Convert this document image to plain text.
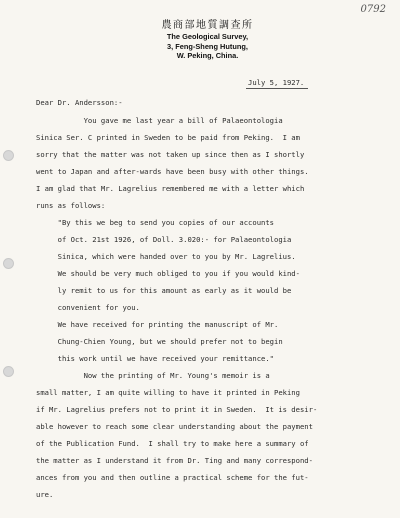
0792

農商部地質調查所

The Geological Survey,

3, Feng-Sheng Hutung,

W. Peking, China.

July 5, 1927.

Dear Dr. Andersson:-

You gave me last year a bill of Palaeontologia

Sinica Ser. C printed in Sweden to be paid from Peking.  I am

sorry that the matter was not taken up since then as I shortly

went to Japan and after-wards have been busy with other things.

I am glad that Mr. Lagrelius remembered me with a letter which

runs as follows:

"By this we beg to send you copies of our accounts

of Oct. 21st 1926, of Doll. 3.020:- for Palaeontologia

Sinica, which were handed over to you by Mr. Lagrelius.

We should be very much obliged to you if you would kind-

ly remit to us for this amount as early as it would be

convenient for you.

We have received for printing the manuscript of Mr.

Chung-Chien Young, but we should prefer not to begin

this work until we have received your remittance."

Now the printing of Mr. Young's memoir is a

small matter, I am quite willing to have it printed in Peking

if Mr. Lagrelius prefers not to print it in Sweden.  It is desir-

able however to reach some clear understanding about the payment

of the Publication Fund.  I shall try to make here a summary of

the matter as I understand it from Dr. Ting and many correspond-

ances from you and then outline a practical scheme for the fut-

ure.
